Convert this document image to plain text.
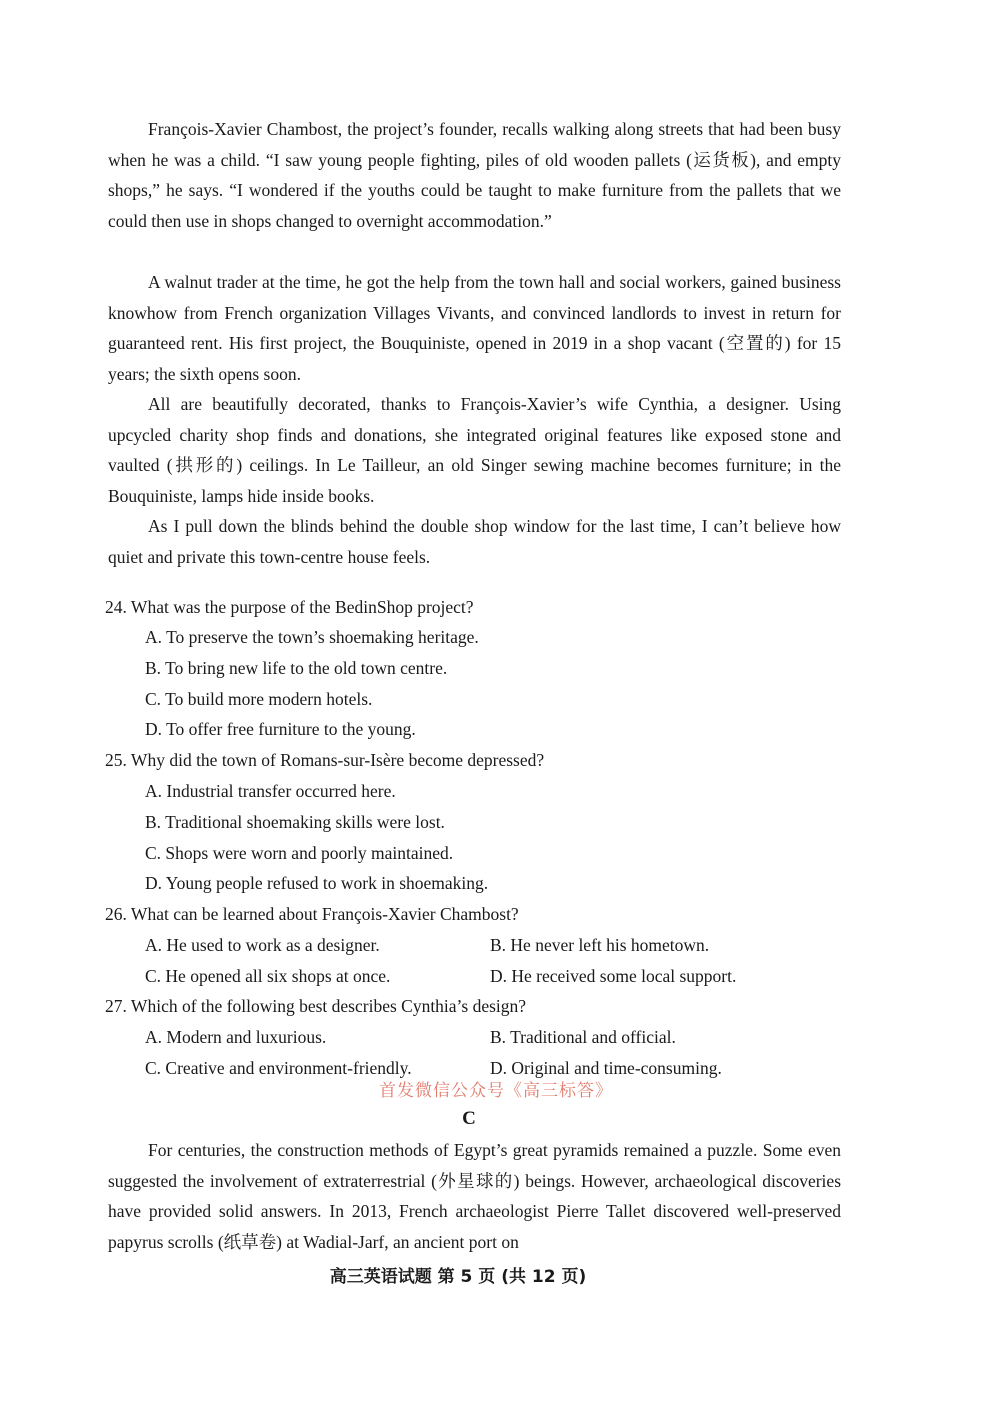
François-Xavier Chambost, the project’s founder, recalls walking along streets that had been busy when he was a child. “I saw young people fighting, piles of old wooden pallets (运货板), and empty shops,” he says. “I wondered if the youths could be taught to make furniture from the pallets that we could then use in shops changed to overnight accommodation.”

A walnut trader at the time, he got the help from the town hall and social workers, gained business knowhow from French organization Villages Vivants, and convinced landlords to invest in return for guaranteed rent. His first project, the Bouquiniste, opened in 2019 in a shop vacant (空置的) for 15 years; the sixth opens soon.

All are beautifully decorated, thanks to François-Xavier’s wife Cynthia, a designer. Using upcycled charity shop finds and donations, she integrated original features like exposed stone and vaulted (拱形的) ceilings. In Le Tailleur, an old Singer sewing machine becomes furniture; in the Bouquiniste, lamps hide inside books.

As I pull down the blinds behind the double shop window for the last time, I can’t believe how quiet and private this town-centre house feels.

24. What was the purpose of the BedinShop project?
A. To preserve the town’s shoemaking heritage.
B. To bring new life to the old town centre.
C. To build more modern hotels.
D. To offer free furniture to the young.
25. Why did the town of Romans-sur-Isère become depressed?
A. Industrial transfer occurred here.
B. Traditional shoemaking skills were lost.
C. Shops were worn and poorly maintained.
D. Young people refused to work in shoemaking.
26. What can be learned about François-Xavier Chambost?
A. He used to work as a designer.	B. He never left his hometown.
C. He opened all six shops at once.	D. He received some local support.
27. Which of the following best describes Cynthia’s design?
A. Modern and luxurious.	B. Traditional and official.
C. Creative and environment-friendly.	D. Original and time-consuming.
首发微信公众号《高三标答》
C

For centuries, the construction methods of Egypt’s great pyramids remained a puzzle. Some even suggested the involvement of extraterrestrial (外星球的) beings. However, archaeological discoveries have provided solid answers. In 2013, French archaeologist Pierre Tallet discovered well-preserved papyrus scrolls (纸草卷) at Wadial-Jarf, an ancient port on

高三英语试题 第 5 页 (共 12 页)
